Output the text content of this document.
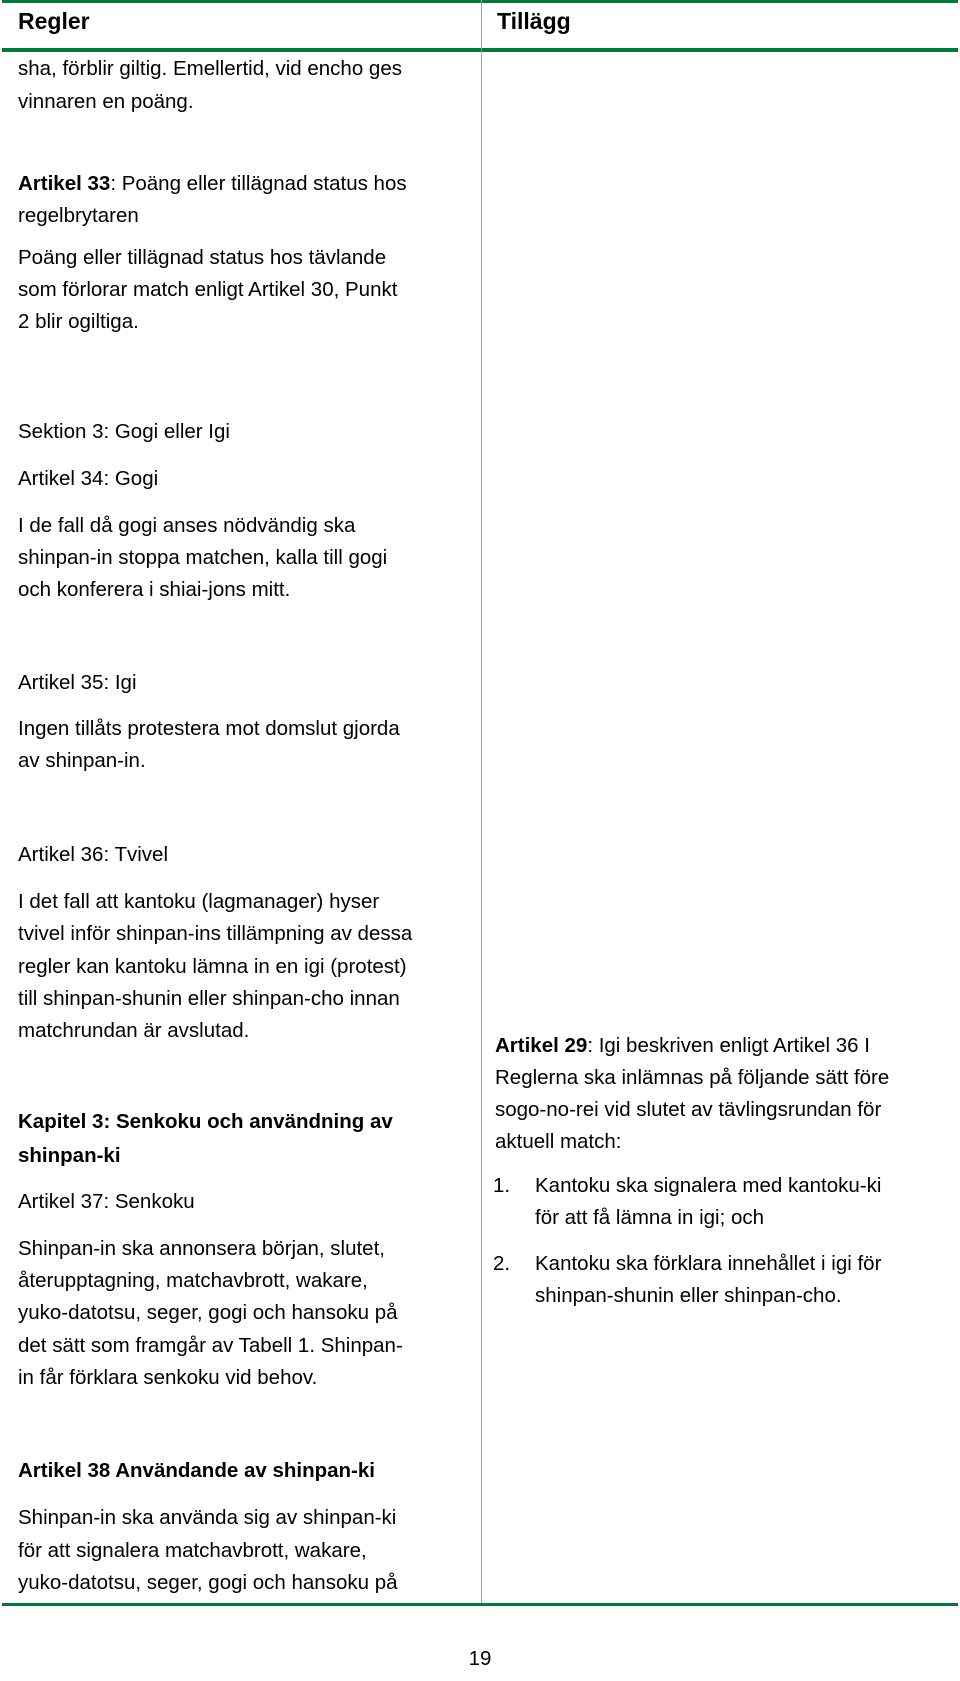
Regler	Tillägg
sha, förblir giltig. Emellertid, vid encho ges
vinnaren en poäng.
Artikel 33: Poäng eller tillägnad status hos
regelbrytaren
Poäng eller tillägnad status hos tävlande
som förlorar match enligt Artikel 30, Punkt
2 blir ogiltiga.
Sektion 3: Gogi eller Igi
Artikel 34: Gogi
I de fall då gogi anses nödvändig ska
shinpan-in stoppa matchen, kalla till gogi
och konferera i shiai-jons mitt.
Artikel 35: Igi
Ingen tillåts protestera mot domslut gjorda
av shinpan-in.
Artikel 36: Tvivel
I det fall att kantoku (lagmanager) hyser
tvivel inför shinpan-ins tillämpning av dessa
regler kan kantoku lämna in en igi (protest)
till shinpan-shunin eller shinpan-cho innan
matchrundan är avslutad.
Kapitel 3: Senkoku och användning av
shinpan-ki
Artikel 37: Senkoku
Shinpan-in ska annonsera början, slutet,
återupptagning, matchavbrott, wakare,
yuko-datotsu, seger, gogi och hansoku på
det sätt som framgår av Tabell 1. Shinpan-
in får förklara senkoku vid behov.
Artikel 38 Användande av shinpan-ki
Shinpan-in ska använda sig av shinpan-ki
för att signalera matchavbrott, wakare,
yuko-datotsu, seger, gogi och hansoku på
Artikel 29: Igi beskriven enligt Artikel 36 I
Reglerna ska inlämnas på följande sätt före
sogo-no-rei vid slutet av tävlingsrundan för
aktuell match:
1. Kantoku ska signalera med kantoku-ki
för att få lämna in igi; och
2. Kantoku ska förklara innehållet i igi för
shinpan-shunin eller shinpan-cho.
19
